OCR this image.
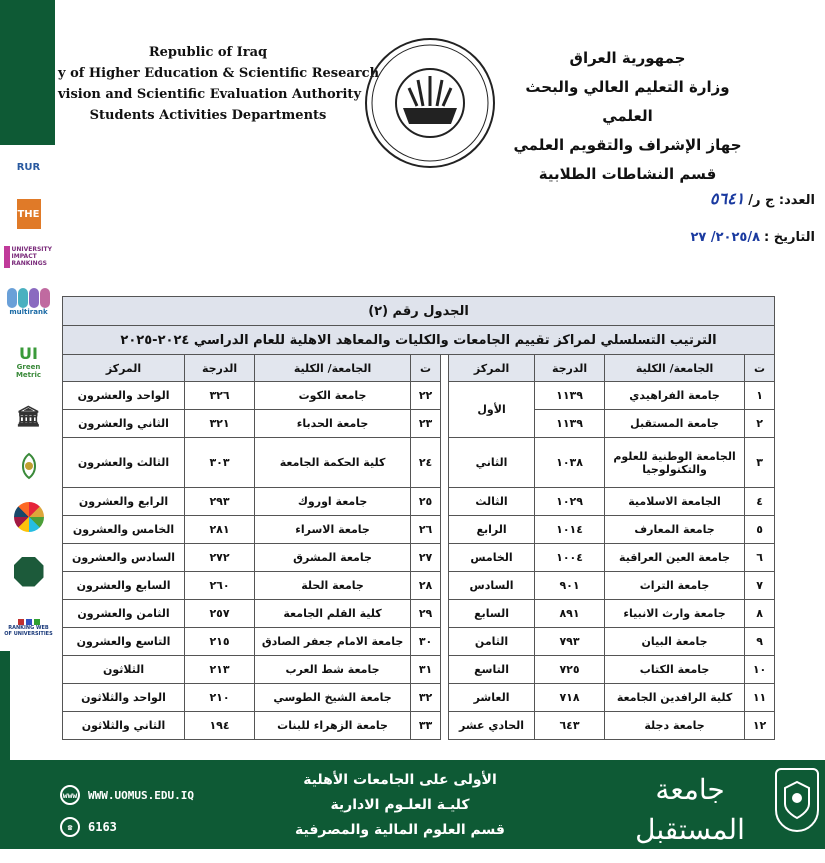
RUR
THE
UNIVERSITY
IMPACT
RANKINGS
multirank
UI
Green
Metric
🏛
RANKING WEB
OF UNIVERSITIES
Republic of Iraq
y of Higher Education & Scientific Research
vision and Scientific Evaluation Authority
Students Activities Departments
جمهورية العراق
وزارة التعليم العالي والبحث العلمي
جهاز الإشراف والتقويم العلمي
قسم النشاطات الطلابية
العدد: ج ر/٥٦٤١
التاريخ :٢٠٢٥/٨/ ٢٧
الجدول رقم (٢)								
الترتيب التسلسلي لمراكز تقييم الجامعات والكليات والمعاهد الاهلية للعام الدراسي ٢٠٢٤-٢٠٢٥								
ت	الجامعة/ الكلية	الدرجة	المركز		ت	الجامعة/ الكلية	الدرجة	المركز
١	جامعة الفراهيدي	١١٣٩	الأول		٢٢	جامعة الكوت	٣٢٦	الواحد والعشرون
٢	جامعة المستقبل	١١٣٩			٢٣	جامعة الحدباء	٣٢١	الثاني والعشرون
٣	الجامعة الوطنية للعلوم والتكنولوجيا	١٠٣٨	الثاني		٢٤	كلية الحكمة الجامعة	٣٠٣	الثالث والعشرون
٤	الجامعة الاسلامية	١٠٢٩	الثالث		٢٥	جامعة اوروك	٢٩٣	الرابع والعشرون
٥	جامعة المعارف	١٠١٤	الرابع		٢٦	جامعة الاسراء	٢٨١	الخامس والعشرون
٦	جامعة العين العراقية	١٠٠٤	الخامس		٢٧	جامعة المشرق	٢٧٢	السادس والعشرون
٧	جامعة التراث	٩٠١	السادس		٢٨	جامعة الحلة	٢٦٠	السابع والعشرون
٨	جامعة وارث الانبياء	٨٩١	السابع		٢٩	كلية القلم الجامعة	٢٥٧	الثامن والعشرون
٩	جامعة البيان	٧٩٣	الثامن		٣٠	جامعة الامام جعفر الصادق	٢١٥	التاسع والعشرون
١٠	جامعة الكتاب	٧٢٥	التاسع		٣١	جامعة شط العرب	٢١٣	الثلاثون
١١	كلية الرافدين الجامعة	٧١٨	العاشر		٣٢	جامعة الشيخ الطوسي	٢١٠	الواحد والثلاثون
١٢	جامعة دجلة	٦٤٣	الحادي عشر		٣٣	جامعة الزهراء للبنات	١٩٤	الثاني والثلاثون
www WWW.UOMUS.EDU.IQ
☎	6163
الأولى على الجامعات الأهلية
كليـة العلـوم الادارية
قسم العلوم المالية والمصرفية
جامعة المستقبل
AL-MUSTAQBAL UNIVERSITY
